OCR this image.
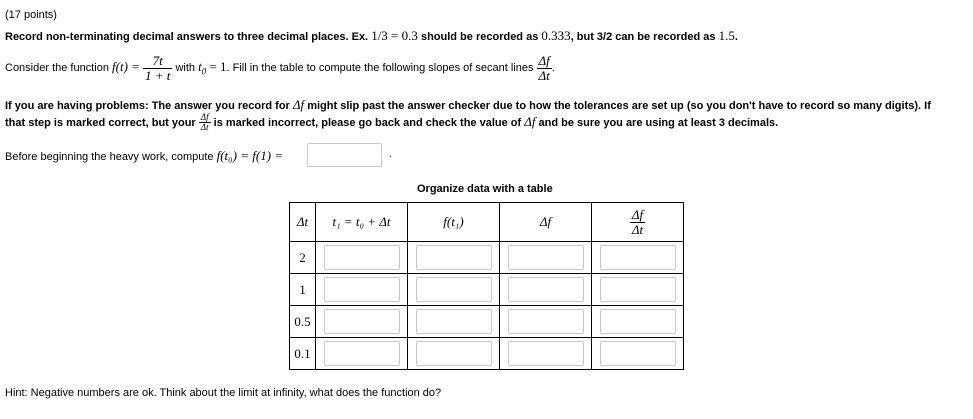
(17 points)
Record non-terminating decimal answers to three decimal places. Ex. 1/3 = 0.3 should be recorded as 0.333, but 3/2 can be recorded as 1.5.
Consider the function $f(t) = \frac{7t}{1 + t}$ with $t_0 = 1$. Fill in the table to compute the following slopes of secant lines $\frac{\Delta f}{\Delta t}$ .
If you are having problems: The answer you record for Δf might slip past the answer checker due to how the tolerances are set up (so you don't have to record so many digits). If
that step is marked correct, but your $\frac{\Delta f}{\Delta t}$ is marked incorrect, please go back and check the value of Δf and be sure you are using at least 3 decimals.
Before beginning the heavy work, compute f(t₀) = f(1) =	.
Organize data with a table
Δt	t₁ = t₀ + Δt	f(t₁)	Δf	$\frac{\Delta f}{\Delta t}$

2	

1	

0.5	

0.1	

Hint: Negative numbers are ok. Think about the limit at infinity, what does the function do?
